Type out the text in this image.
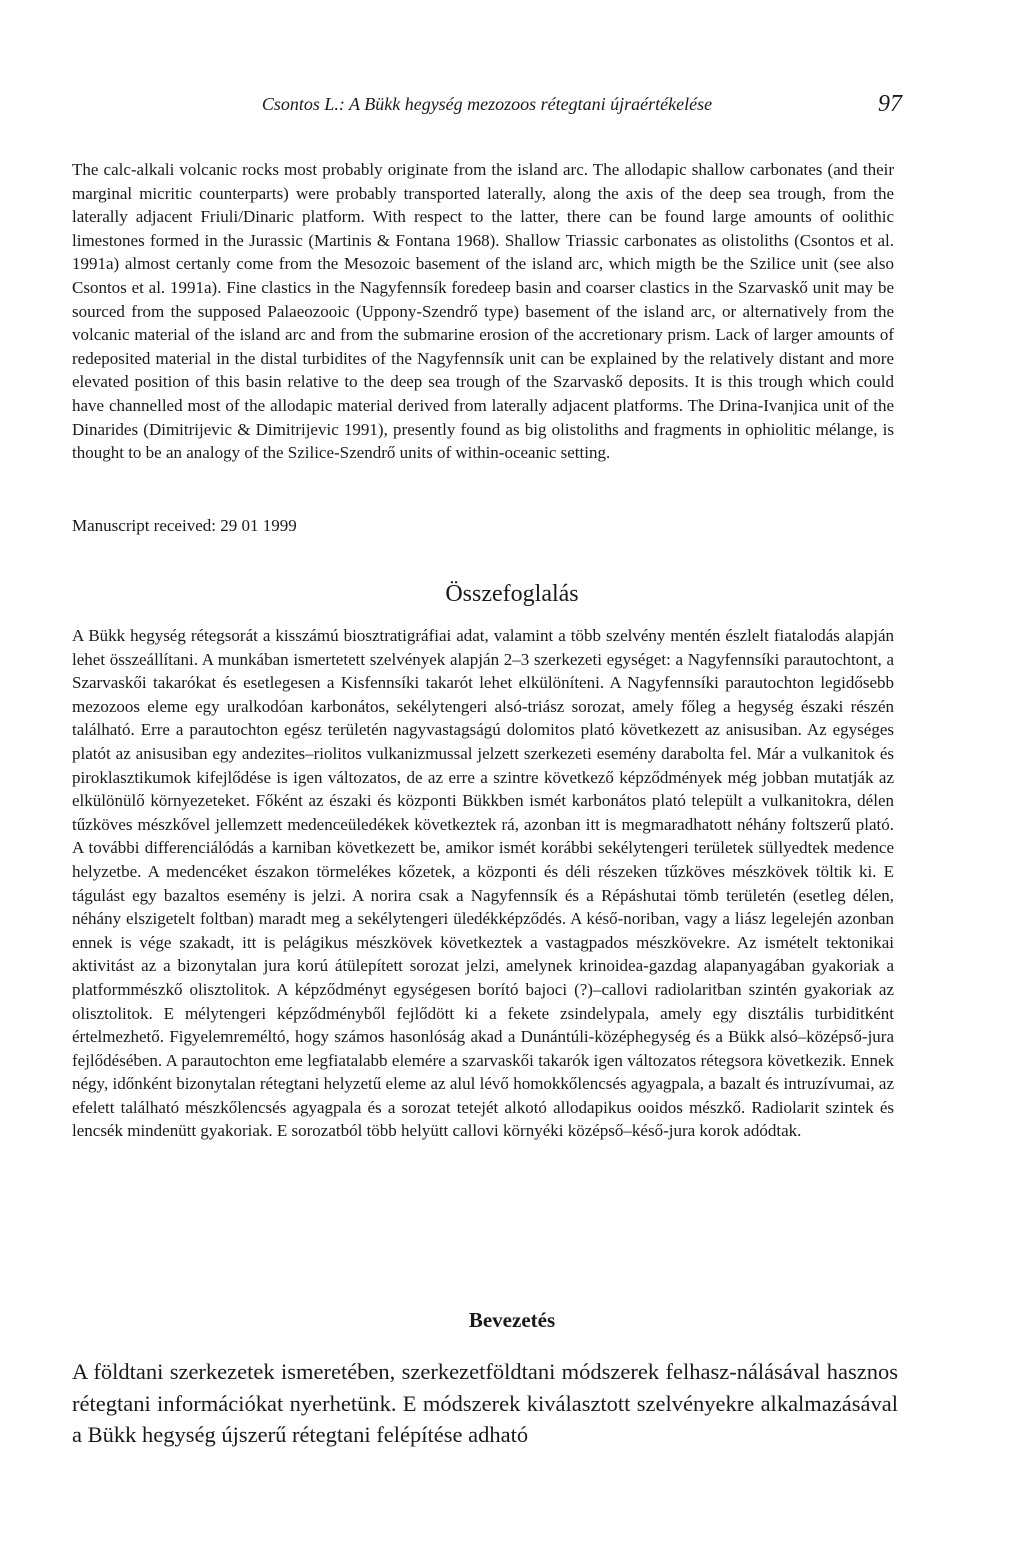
Csontos L.: A Bükk hegység mezozoos rétegtani újraértékelése	97

The calc-alkali volcanic rocks most probably originate from the island arc. The allodapic shallow carbonates (and their marginal micritic counterparts) were probably transported laterally, along the axis of the deep sea trough, from the laterally adjacent Friuli/Dinaric platform. With respect to the latter, there can be found large amounts of oolithic limestones formed in the Jurassic (Martinis & Fontana 1968). Shallow Triassic carbonates as olistoliths (Csontos et al. 1991a) almost certanly come from the Mesozoic basement of the island arc, which migth be the Szilice unit (see also Csontos et al. 1991a). Fine clastics in the Nagyfennsík foredeep basin and coarser clastics in the Szarvaskő unit may be sourced from the supposed Palaeozooic (Uppony-Szendrő type) basement of the island arc, or alternatively from the volcanic material of the island arc and from the submarine erosion of the accretionary prism. Lack of larger amounts of redeposited material in the distal turbidites of the Nagyfennsík unit can be explained by the relatively distant and more elevated position of this basin relative to the deep sea trough of the Szarvaskő deposits. It is this trough which could have channelled most of the allodapic material derived from laterally adjacent platforms. The Drina-Ivanjica unit of the Dinarides (Dimitrijevic & Dimitrijevic 1991), presently found as big olistoliths and fragments in ophiolitic mélange, is thought to be an analogy of the Szilice-Szendrő units of within-oceanic setting.

Manuscript received: 29 01 1999

Összefoglalás

A Bükk hegység rétegsorát a kisszámú biosztratigráfiai adat, valamint a több szelvény mentén észlelt fiatalodás alapján lehet összeállítani. A munkában ismertetett szelvények alapján 2–3 szerkezeti egységet: a Nagyfennsíki parautochtont, a Szarvaskői takarókat és esetlegesen a Kisfennsíki takarót lehet elkülöníteni. A Nagyfennsíki parautochton legidősebb mezozoos eleme egy uralkodóan karbonátos, sekélytengeri alsó-triász sorozat, amely főleg a hegység északi részén található. Erre a parautochton egész területén nagyvastagságú dolomitos plató következett az anisusiban. Az egységes platót az anisusiban egy andezites–riolitos vulkanizmussal jelzett szerkezeti esemény darabolta fel. Már a vulkanitok és piroklasztikumok kifejlődése is igen változatos, de az erre a szintre következő képződmények még jobban mutatják az elkülönülő környezeteket. Főként az északi és központi Bükkben ismét karbonátos plató települt a vulkanitokra, délen tűzköves mészkővel jellemzett medenceüledékek következtek rá, azonban itt is megmaradhatott néhány foltszerű plató. A további differenciálódás a karniban következett be, amikor ismét korábbi sekélytengeri területek süllyedtek medence helyzetbe. A medencéket északon törmelékes kőzetek, a központi és déli részeken tűzköves mészkövek töltik ki. E tágulást egy bazaltos esemény is jelzi. A norira csak a Nagyfennsík és a Répáshutai tömb területén (esetleg délen, néhány elszigetelt foltban) maradt meg a sekélytengeri üledékképződés. A késő-noriban, vagy a liász legelején azonban ennek is vége szakadt, itt is pelágikus mészkövek következtek a vastagpados mészkövekre. Az ismételt tektonikai aktivitást az a bizonytalan jura korú átülepített sorozat jelzi, amelynek krinoidea-gazdag alapanyagában gyakoriak a platformmészkő olisztolitok. A képződményt egységesen borító bajoci (?)–callovi radiolaritban szintén gyakoriak az olisztolitok. E mélytengeri képződményből fejlődött ki a fekete zsindelypala, amely egy disztális turbiditként értelmezhető. Figyelemreméltó, hogy számos hasonlóság akad a Dunántúli-középhegység és a Bükk alsó–középső-jura fejlődésében. A parautochton eme legfiatalabb elemére a szarvaskői takarók igen változatos rétegsora következik. Ennek négy, időnként bizonytalan rétegtani helyzetű eleme az alul lévő homokkőlencsés agyagpala, a bazalt és intruzívumai, az efelett található mészkőlencsés agyagpala és a sorozat tetejét alkotó allodapikus ooidos mészkő. Radiolarit szintek és lencsék mindenütt gyakoriak. E sorozatból több helyütt callovi környéki középső–késő-jura korok adódtak.

Bevezetés

A földtani szerkezetek ismeretében, szerkezetföldtani módszerek felhasz-nálásával hasznos rétegtani információkat nyerhetünk. E módszerek kiválasztott szelvényekre alkalmazásával a Bükk hegység újszerű rétegtani felépítése adható
